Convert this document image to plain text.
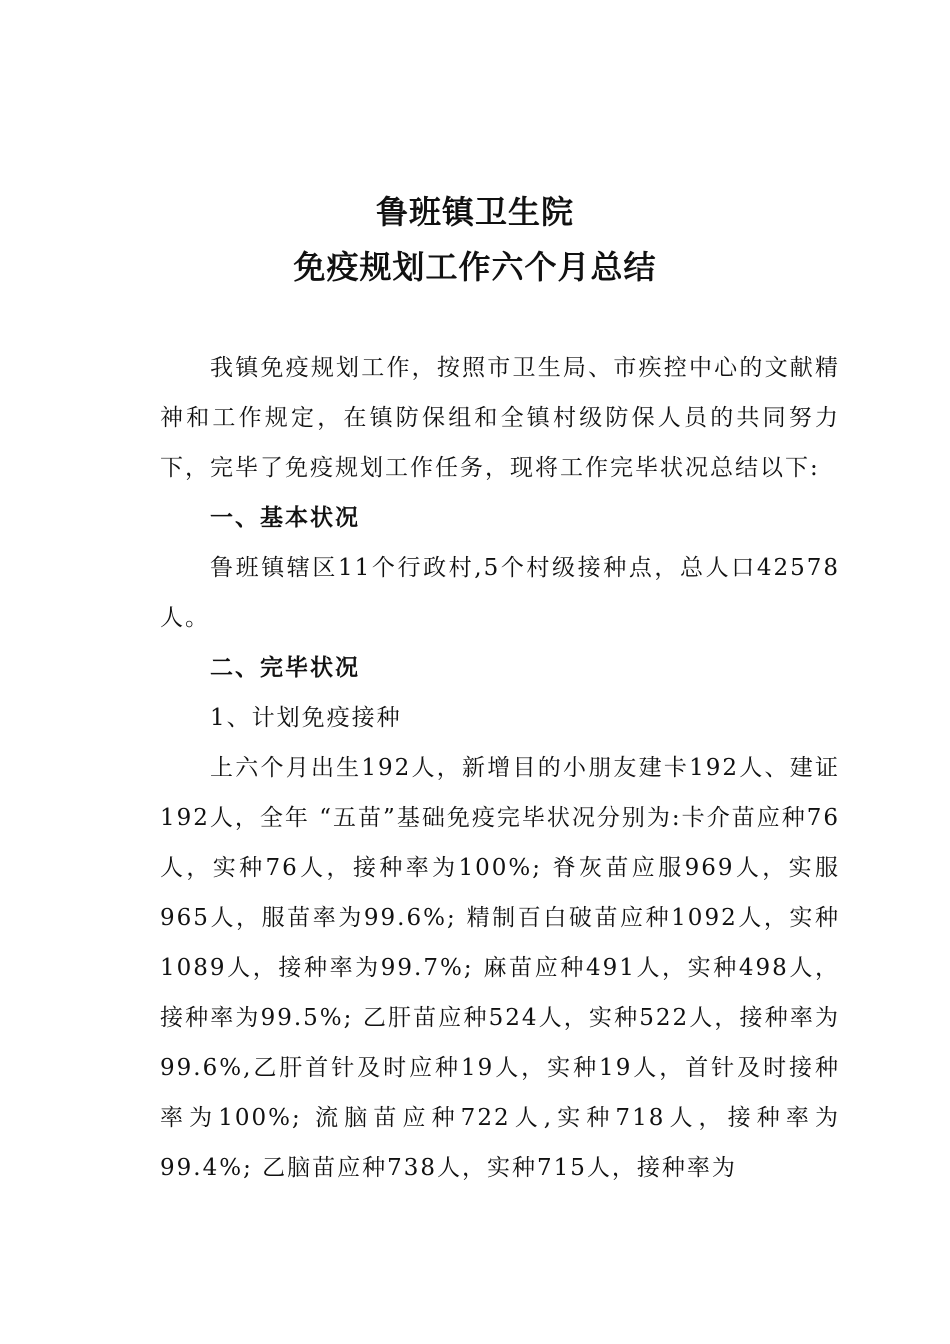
鲁班镇卫生院
免疫规划工作六个月总结

我镇免疫规划工作，按照市卫生局、市疾控中心的文献精神和工作规定，在镇防保组和全镇村级防保人员的共同努力下，完毕了免疫规划工作任务，现将工作完毕状况总结以下:

一、基本状况

鲁班镇辖区11个行政村,5个村级接种点，总人口42578人。

二、完毕状况

1、计划免疫接种

上六个月出生192人，新增目的小朋友建卡192人、建证192人，全年 “五苗”基础免疫完毕状况分别为:卡介苗应种76人，实种76人，接种率为100%; 脊灰苗应服969人，实服965人，服苗率为99.6%; 精制百白破苗应种1092人，实种1089人，接种率为99.7%; 麻苗应种491人，实种498人，接种率为99.5%; 乙肝苗应种524人，实种522人，接种率为99.6%,乙肝首针及时应种19人，实种19人，首针及时接种率为100%; 流脑苗应种722人,实种718人，接种率为99.4%; 乙脑苗应种738人，实种715人，接种率为
